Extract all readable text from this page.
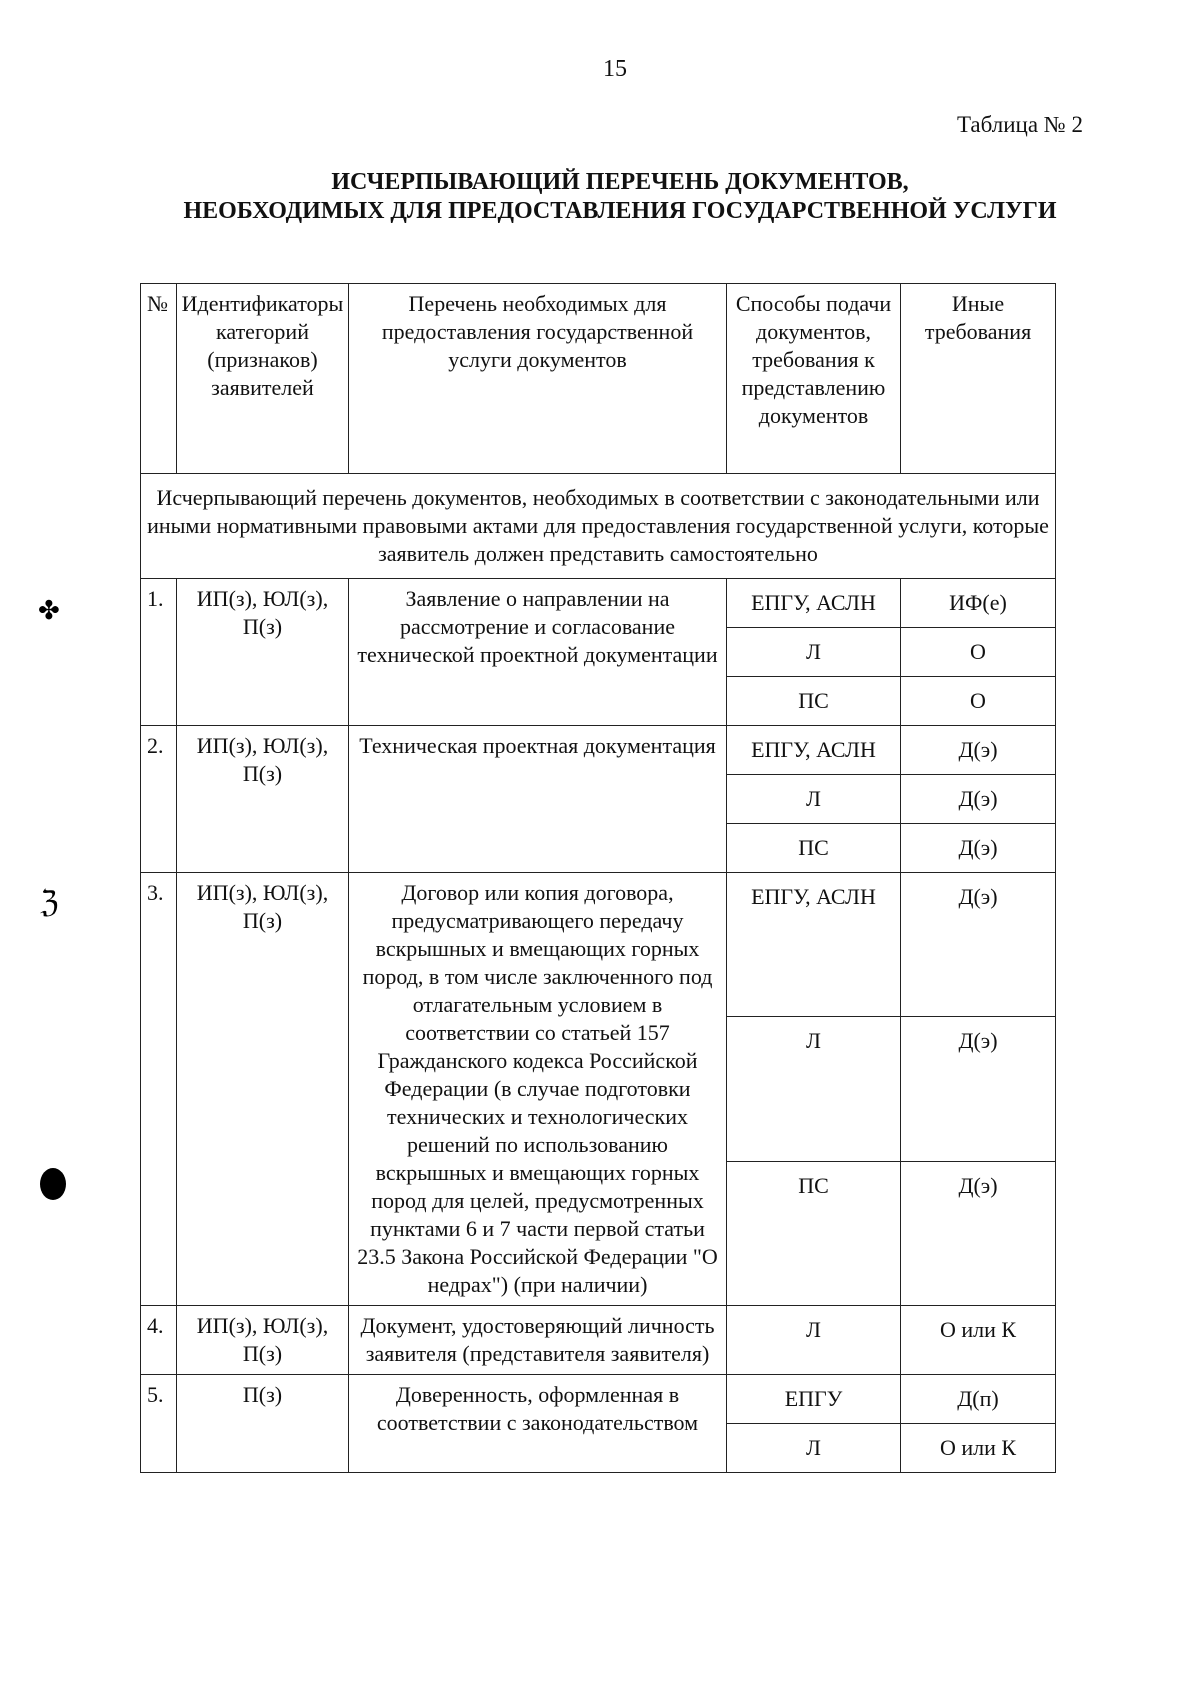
15
Таблица № 2
ИСЧЕРПЫВАЮЩИЙ ПЕРЕЧЕНЬ ДОКУМЕНТОВ,
НЕОБХОДИМЫХ ДЛЯ ПРЕДОСТАВЛЕНИЯ ГОСУДАРСТВЕННОЙ УСЛУГИ
№	Идентификаторы категорий (признаков) заявителей	Перечень необходимых для предоставления государственной услуги документов	Способы подачи документов, требования к представлению документов	Иные требования
Исчерпывающий перечень документов, необходимых в соответствии с законодательными или иными нормативными правовыми актами для предоставления государственной услуги, которые заявитель должен представить самостоятельно				
1.	ИП(з), ЮЛ(з), П(з)	Заявление о направлении на рассмотрение и согласование технической проектной документации	ЕПГУ, АСЛН	ИФ(е)
			Л	О
			ПС	О
2.	ИП(з), ЮЛ(з), П(з)	Техническая проектная документация	ЕПГУ, АСЛН	Д(э)
			Л	Д(э)
			ПС	Д(э)
3.	ИП(з), ЮЛ(з), П(з)	Договор или копия договора, предусматривающего передачу вскрышных и вмещающих горных пород, в том числе заключенного под отлагательным условием в соответствии со статьей 157 Гражданского кодекса Российской Федерации (в случае подготовки технических и технологических решений по использованию вскрышных и вмещающих горных пород для целей, предусмотренных пунктами 6 и 7 части первой статьи 23.5 Закона Российской Федерации "О недрах") (при наличии)	ЕПГУ, АСЛН	Д(э)
			Л	Д(э)
			ПС	Д(э)
4.	ИП(з), ЮЛ(з), П(з)	Документ, удостоверяющий личность заявителя (представителя заявителя)	Л	О или К
5.	П(з)	Доверенность, оформленная в соответствии с законодательством	ЕПГУ	Д(п)
			Л	О или К
✤
ℨ
